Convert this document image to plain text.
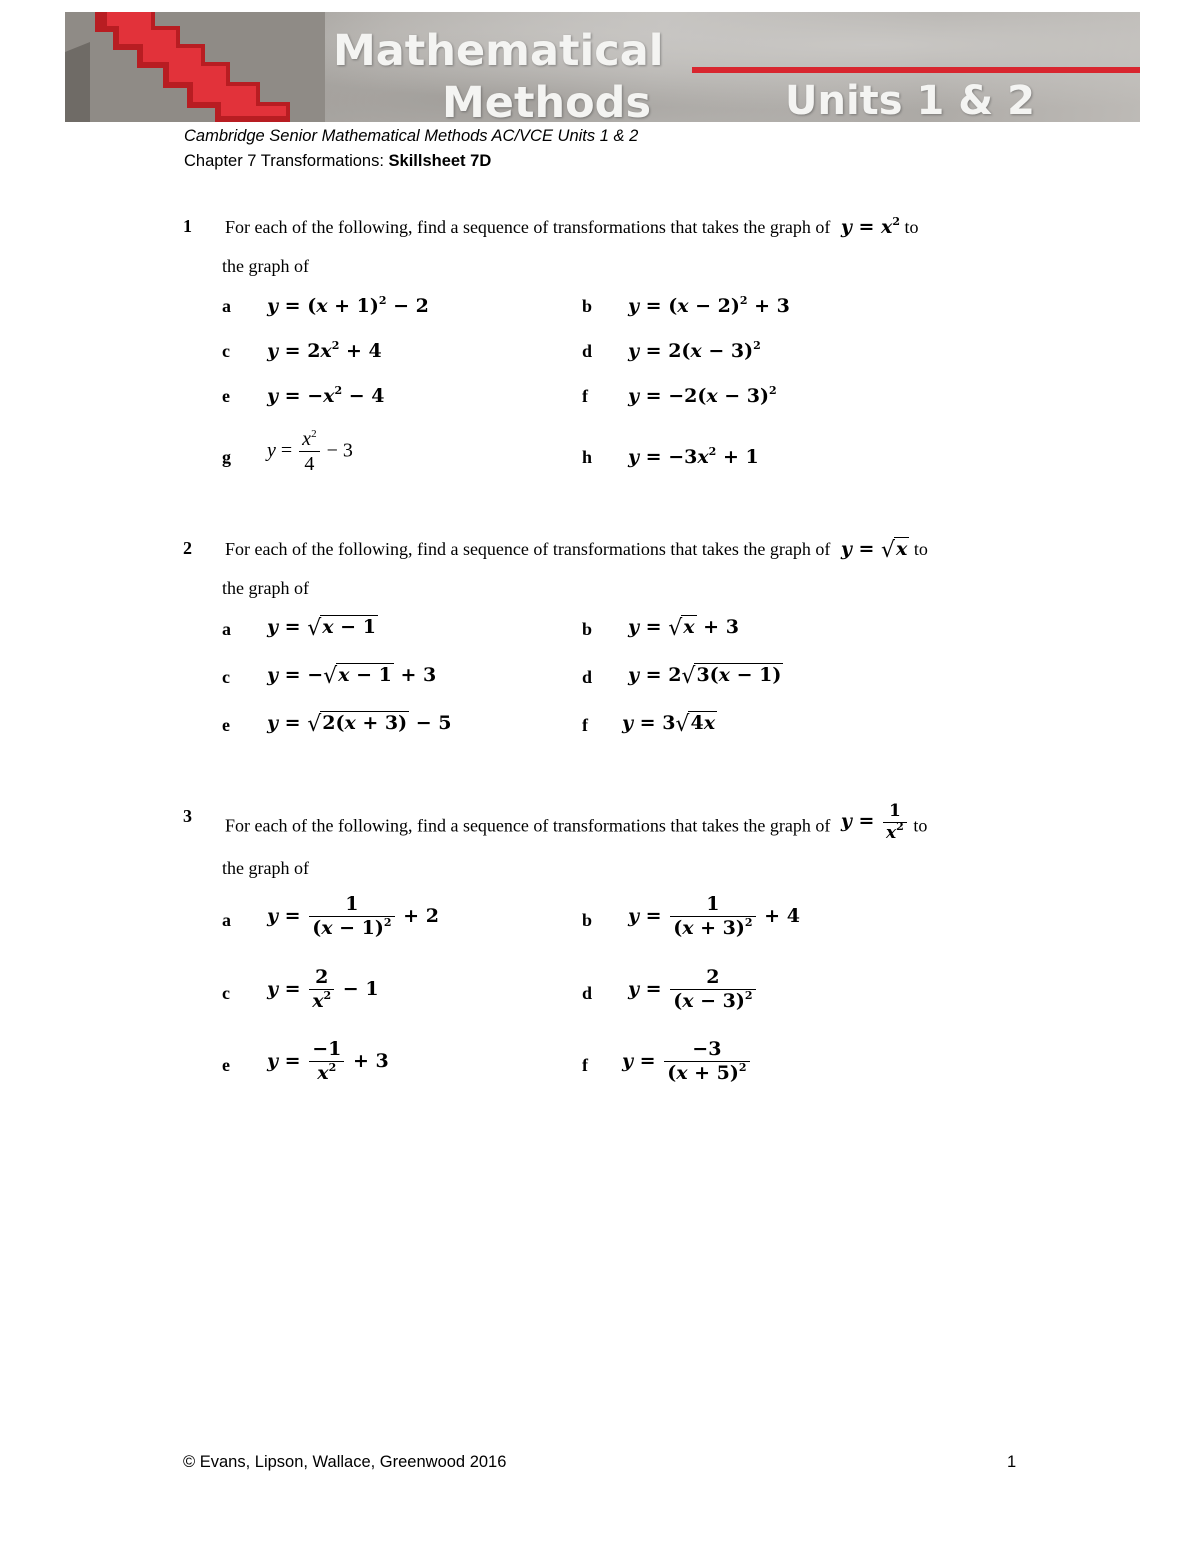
Mathematical
Methods	Units 1 & 2
Cambridge Senior Mathematical Methods AC/VCE Units 1 & 2
Chapter 7 Transformations: Skillsheet 7D
1 For each of the following, find a sequence of transformations that takes the graph of $y = x^2$ to
the graph of
a $y = (x + 1)^2 - 2$	b $y = (x - 2)^2 + 3$
c $y = 2x^2 + 4$	d $y = 2(x - 3)^2$
e $y = -x^2 - 4$	f $y = -2(x - 3)^2$
g $y = \frac{x^2}{4} - 3$	h $y = -3x^2 + 1$
2 For each of the following, find a sequence of transformations that takes the graph of y = √x to
the graph of
a y = √x − 1	b y = √x + 3
c y = −√x − 1 + 3	d y = 2√3(x − 1)
e y = √2(x + 3) − 5	f y = 3√4x
3 For each of the following, find a sequence of transformations that takes the graph of $y = \frac{1}{x^2}$ to
the graph of
a $y = \frac{1}{(x - 1)^2} + 2$	b $y = \frac{1}{(x + 3)^2} + 4$
c $y = \frac{2}{x^2} - 1$	d $y = \frac{2}{(x - 3)^2}$
e $y = \frac{-1}{x^2} + 3$	f $y = \frac{-3}{(x + 5)^2}$
© Evans, Lipson, Wallace, Greenwood 2016	1
